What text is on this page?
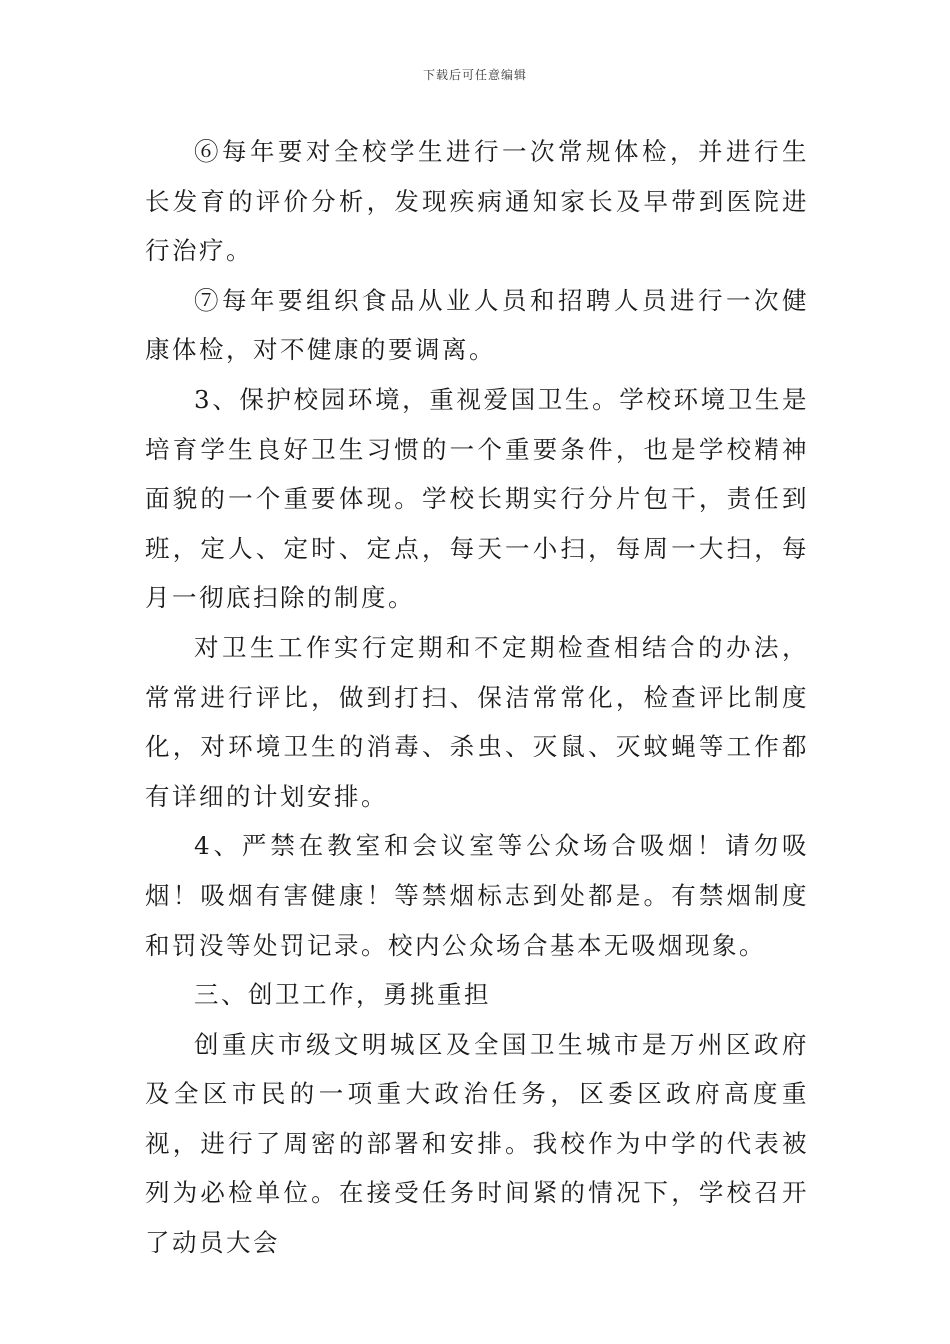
下载后可任意编辑

⑥每年要对全校学生进行一次常规体检，并进行生长发育的评价分析，发现疾病通知家长及早带到医院进行治疗。

⑦每年要组织食品从业人员和招聘人员进行一次健康体检，对不健康的要调离。

3、保护校园环境，重视爱国卫生。学校环境卫生是培育学生良好卫生习惯的一个重要条件，也是学校精神面貌的一个重要体现。学校长期实行分片包干，责任到班，定人、定时、定点，每天一小扫，每周一大扫，每月一彻底扫除的制度。

对卫生工作实行定期和不定期检查相结合的办法，常常进行评比，做到打扫、保洁常常化，检查评比制度化，对环境卫生的消毒、杀虫、灭鼠、灭蚊蝇等工作都有详细的计划安排。

4、严禁在教室和会议室等公众场合吸烟！请勿吸烟！吸烟有害健康！等禁烟标志到处都是。有禁烟制度和罚没等处罚记录。校内公众场合基本无吸烟现象。

三、创卫工作，勇挑重担

创重庆市级文明城区及全国卫生城市是万州区政府及全区市民的一项重大政治任务，区委区政府高度重视，进行了周密的部署和安排。我校作为中学的代表被列为必检单位。在接受任务时间紧的情况下，学校召开了动员大会
